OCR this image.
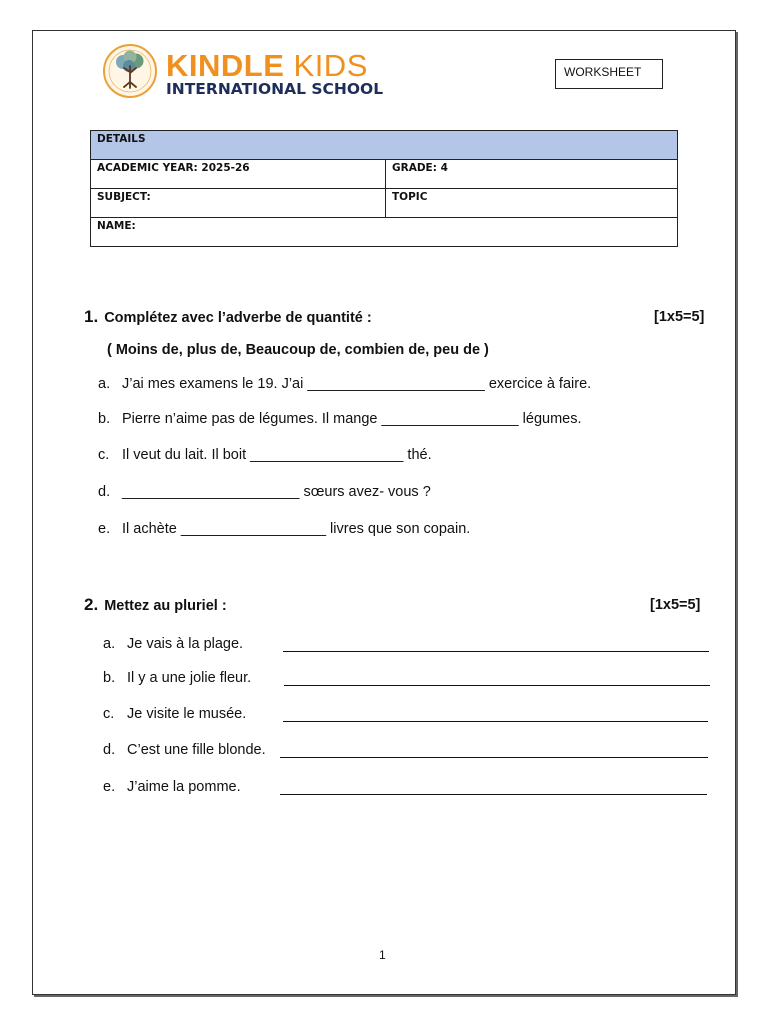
KINDLE KIDS
INTERNATIONAL SCHOOL
WORKSHEET
DETAILS	
ACADEMIC YEAR: 2025-26	GRADE: 4
SUBJECT:	TOPIC
NAME:	
1. Complétez avec l’adverbe de quantité :	[1x5=5]
( Moins de, plus de, Beaucoup de, combien de, peu de )
a. J’ai mes examens le 19. J’ai ______________________ exercice à faire.
b. Pierre n’aime pas de légumes. Il mange _________________ légumes.
c. Il veut du lait. Il boit ___________________ thé.
d. ______________________ sœurs avez- vous ?
e. Il achète __________________ livres que son copain.
2. Mettez au pluriel :	[1x5=5]
a. Je vais à la plage.
b. Il y a une jolie fleur.
c. Je visite le musée.
d. C’est une fille blonde.
e. J’aime la pomme.
1
